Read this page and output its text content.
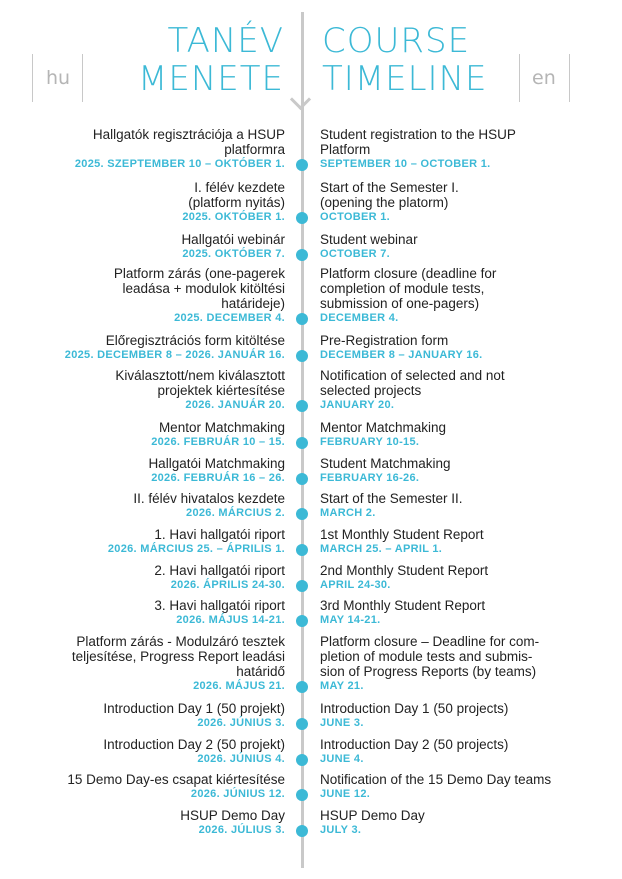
TANÉV
MENETE
COURSE
TIMELINE
hu	en
Hallgatók regisztrációja a HSUP
platformra
2025. SZEPTEMBER 10 – OKTÓBER 1.
Student registration to the HSUP
Platform
SEPTEMBER 10 – OCTOBER 1.
I. félév kezdete
(platform nyitás)
2025. OKTÓBER 1.
Start of the Semester I.
(opening the platorm)
OCTOBER 1.
Hallgatói webinár
2025. OKTÓBER 7.
Student webinar
OCTOBER 7.
Platform zárás (one-pagerek
leadása + modulok kitöltési
határideje)
2025. DECEMBER 4.
Platform closure (deadline for
completion of module tests,
submission of one-pagers)
DECEMBER 4.
Előregisztrációs form kitöltése
2025. DECEMBER 8 – 2026. JANUÁR 16.
Pre-Registration form
DECEMBER 8 – JANUARY 16.
Kiválasztott/nem kiválasztott
projektek kiértesítése
2026. JANUÁR 20.
Notification of selected and not
selected projects
JANUARY 20.
Mentor Matchmaking
2026. FEBRUÁR 10 – 15.
Mentor Matchmaking
FEBRUARY 10-15.
Hallgatói Matchmaking
2026. FEBRUÁR 16 – 26.
Student Matchmaking
FEBRUARY 16-26.
II. félév hivatalos kezdete
2026. MÁRCIUS 2.
Start of the Semester II.
MARCH 2.
1. Havi hallgatói riport
2026. MÁRCIUS 25. – ÁPRILIS 1.
1st Monthly Student Report
MARCH 25. – APRIL 1.
2. Havi hallgatói riport
2026. ÁPRILIS 24-30.
2nd Monthly Student Report
APRIL 24-30.
3. Havi hallgatói riport
2026. MÁJUS 14-21.
3rd Monthly Student Report
MAY 14-21.
Platform zárás - Modulzáró tesztek
teljesítése, Progress Report leadási
határidő
2026. MÁJUS 21.
Platform closure – Deadline for com-
pletion of module tests and submis-
sion of Progress Reports (by teams)
MAY 21.
Introduction Day 1 (50 projekt)
2026. JÚNIUS 3.
Introduction Day 1 (50 projects)
JUNE 3.
Introduction Day 2 (50 projekt)
2026. JÚNIUS 4.
Introduction Day 2 (50 projects)
JUNE 4.
15 Demo Day-es csapat kiértesítése
2026. JÚNIUS 12.
Notification of the 15 Demo Day teams
JUNE 12.
HSUP Demo Day
2026. JÚLIUS 3.
HSUP Demo Day
JULY 3.
